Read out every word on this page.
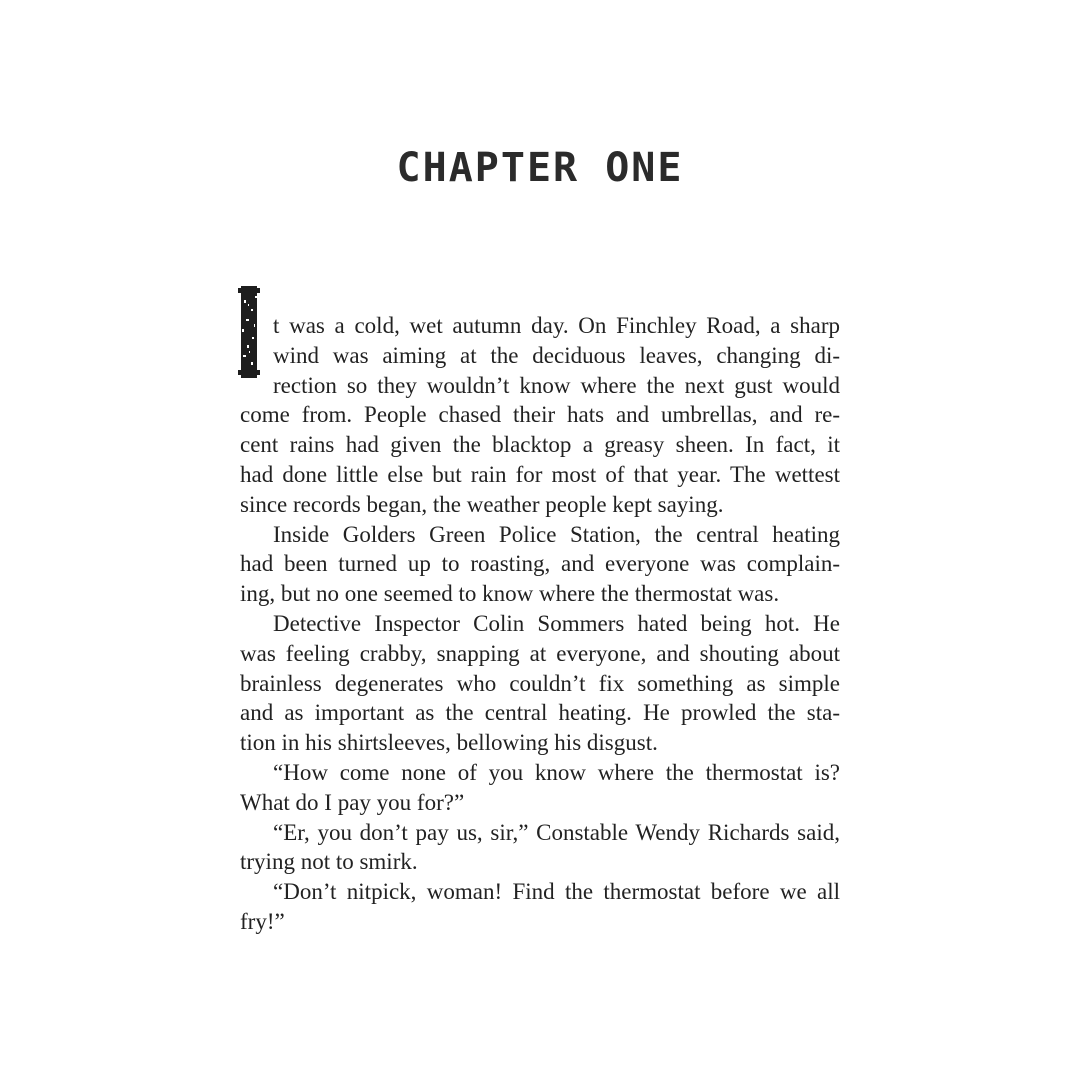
CHAPTER ONE
t was a cold, wet autumn day. On Finchley Road, a sharp
wind was aiming at the deciduous leaves, changing di-
rection so they wouldn’t know where the next gust would
come from. People chased their hats and umbrellas, and re-
cent rains had given the blacktop a greasy sheen. In fact, it
had done little else but rain for most of that year. The wettest
since records began, the weather people kept saying.
Inside Golders Green Police Station, the central heating
had been turned up to roasting, and everyone was complain-
ing, but no one seemed to know where the thermostat was.
Detective Inspector Colin Sommers hated being hot. He
was feeling crabby, snapping at everyone, and shouting about
brainless degenerates who couldn’t fix something as simple
and as important as the central heating. He prowled the sta-
tion in his shirtsleeves, bellowing his disgust.
“How come none of you know where the thermostat is?
What do I pay you for?”
“Er, you don’t pay us, sir,” Constable Wendy Richards said,
trying not to smirk.
“Don’t nitpick, woman! Find the thermostat before we all
fry!”
